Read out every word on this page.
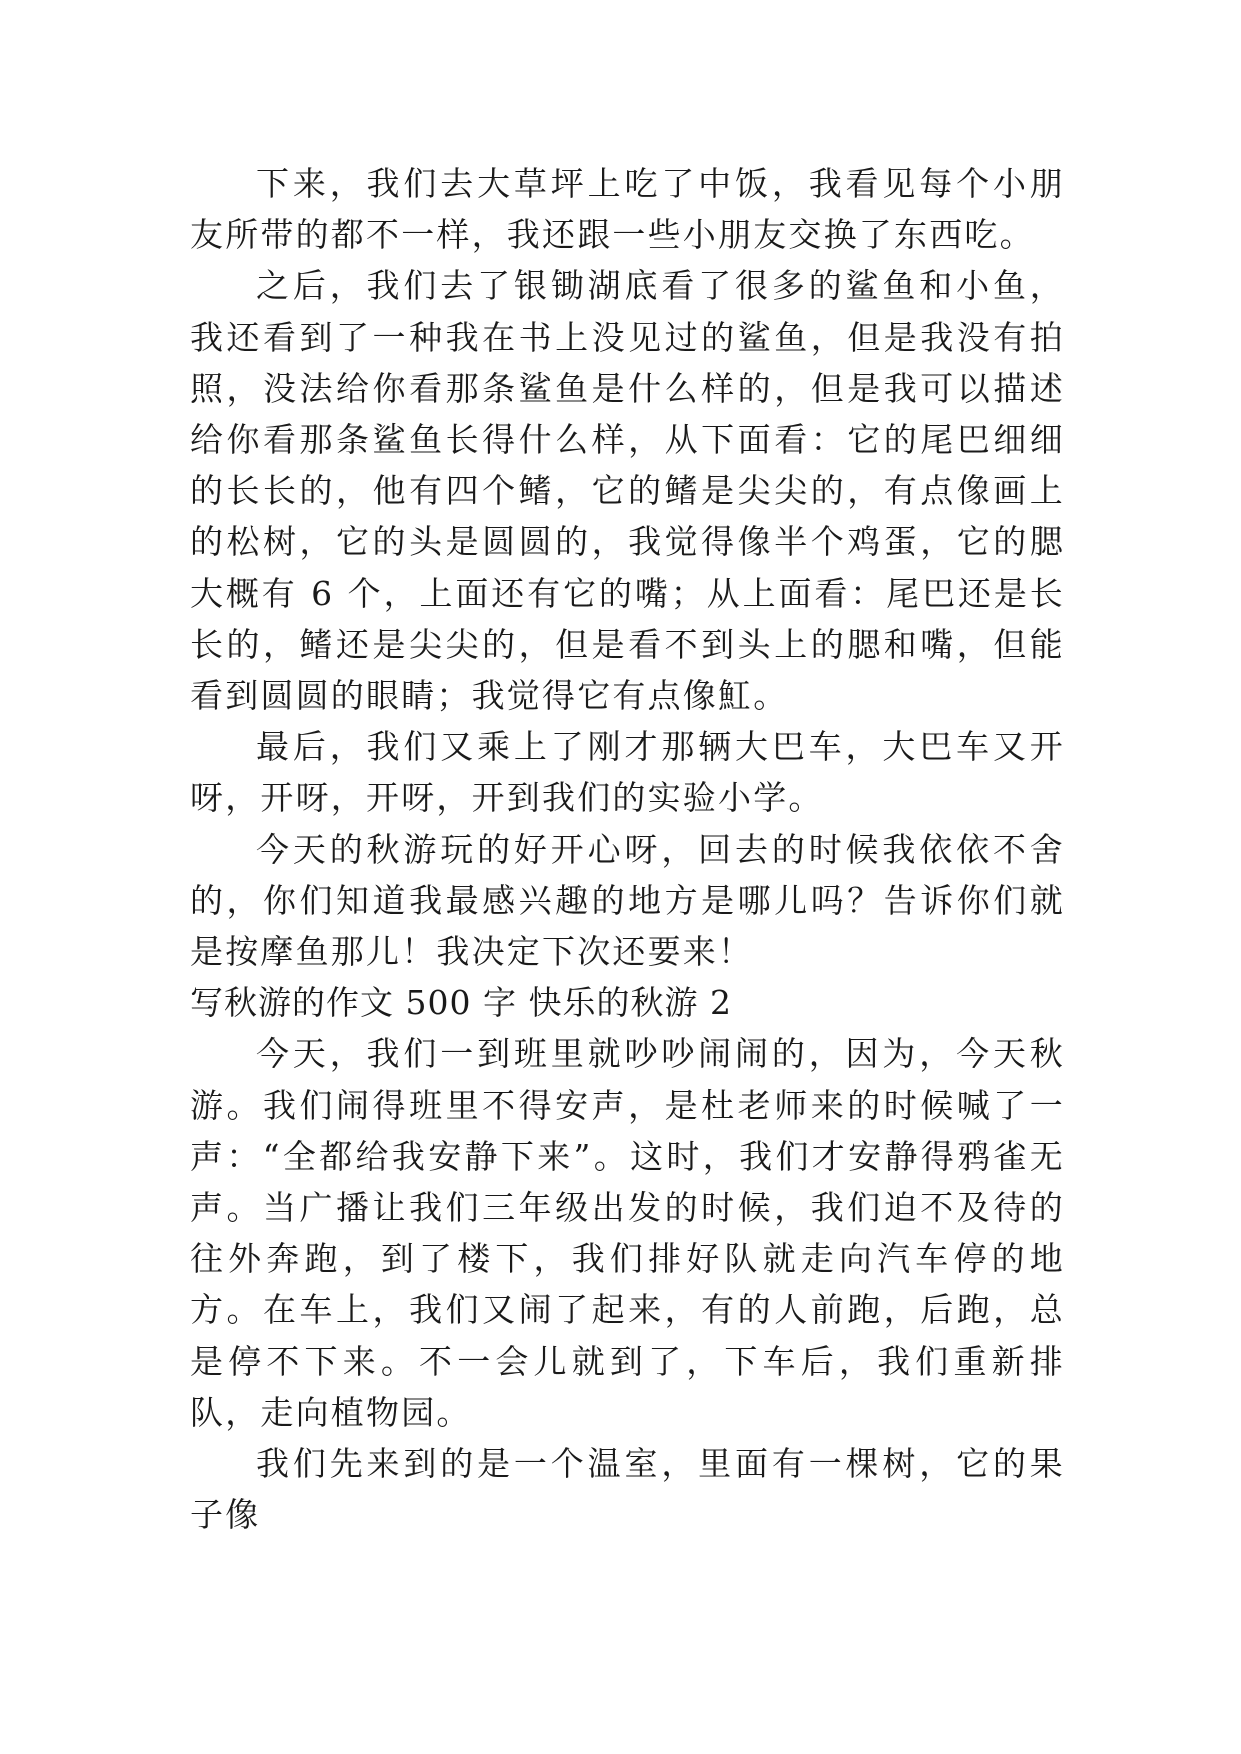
下来，我们去大草坪上吃了中饭，我看见每个小朋友所带的都不一样，我还跟一些小朋友交换了东西吃。

之后，我们去了银锄湖底看了很多的鲨鱼和小鱼，我还看到了一种我在书上没见过的鲨鱼，但是我没有拍照，没法给你看那条鲨鱼是什么样的，但是我可以描述给你看那条鲨鱼长得什么样，从下面看：它的尾巴细细的长长的，他有四个鳍，它的鳍是尖尖的，有点像画上的松树，它的头是圆圆的，我觉得像半个鸡蛋，它的腮大概有 6 个，上面还有它的嘴；从上面看：尾巴还是长长的，鳍还是尖尖的，但是看不到头上的腮和嘴，但能看到圆圆的眼睛；我觉得它有点像魟。

最后，我们又乘上了刚才那辆大巴车，大巴车又开呀，开呀，开呀，开到我们的实验小学。

今天的秋游玩的好开心呀，回去的时候我依依不舍的，你们知道我最感兴趣的地方是哪儿吗？告诉你们就是按摩鱼那儿！我决定下次还要来！

写秋游的作文 500 字 快乐的秋游 2

今天，我们一到班里就吵吵闹闹的，因为，今天秋游。我们闹得班里不得安声，是杜老师来的时候喊了一声：“全都给我安静下来”。这时，我们才安静得鸦雀无声。当广播让我们三年级出发的时候，我们迫不及待的往外奔跑，到了楼下，我们排好队就走向汽车停的地方。在车上，我们又闹了起来，有的人前跑，后跑，总是停不下来。不一会儿就到了，下车后，我们重新排队，走向植物园。

我们先来到的是一个温室，里面有一棵树，它的果子像
